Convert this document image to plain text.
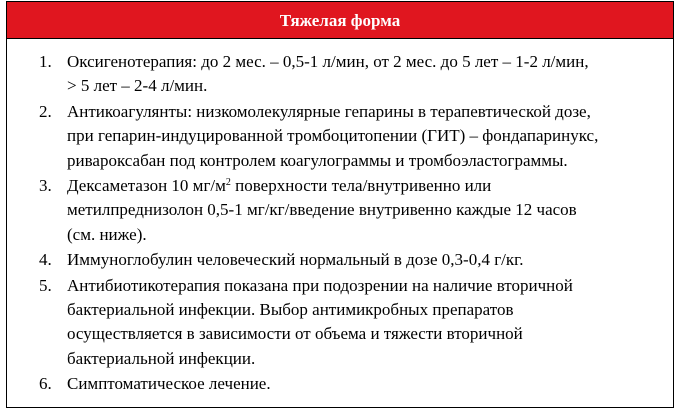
Тяжелая форма
1. Оксигенотерапия: до 2 мес. – 0,5-1 л/мин, от 2 мес. до 5 лет – 1-2 л/мин,
> 5 лет – 2-4 л/мин.
2. Антикоагулянты: низкомолекулярные гепарины в терапевтической дозе,
при гепарин-индуцированной тромбоцитопении (ГИТ) – фондапаринукс,
ривароксабан под контролем коагулограммы и тромбоэластограммы.
3. Дексаметазон 10 $мг/м^2$ поверхности тела/внутривенно или
метилпреднизолон 0,5-1 мг/кг/введение внутривенно каждые 12 часов
(см. ниже).
4. Иммуноглобулин человеческий нормальный в дозе 0,3-0,4 г/кг.
5. Антибиотикотерапия показана при подозрении на наличие вторичной
бактериальной инфекции. Выбор антимикробных препаратов
осуществляется в зависимости от объема и тяжести вторичной
бактериальной инфекции.
6. Симптоматическое лечение.
